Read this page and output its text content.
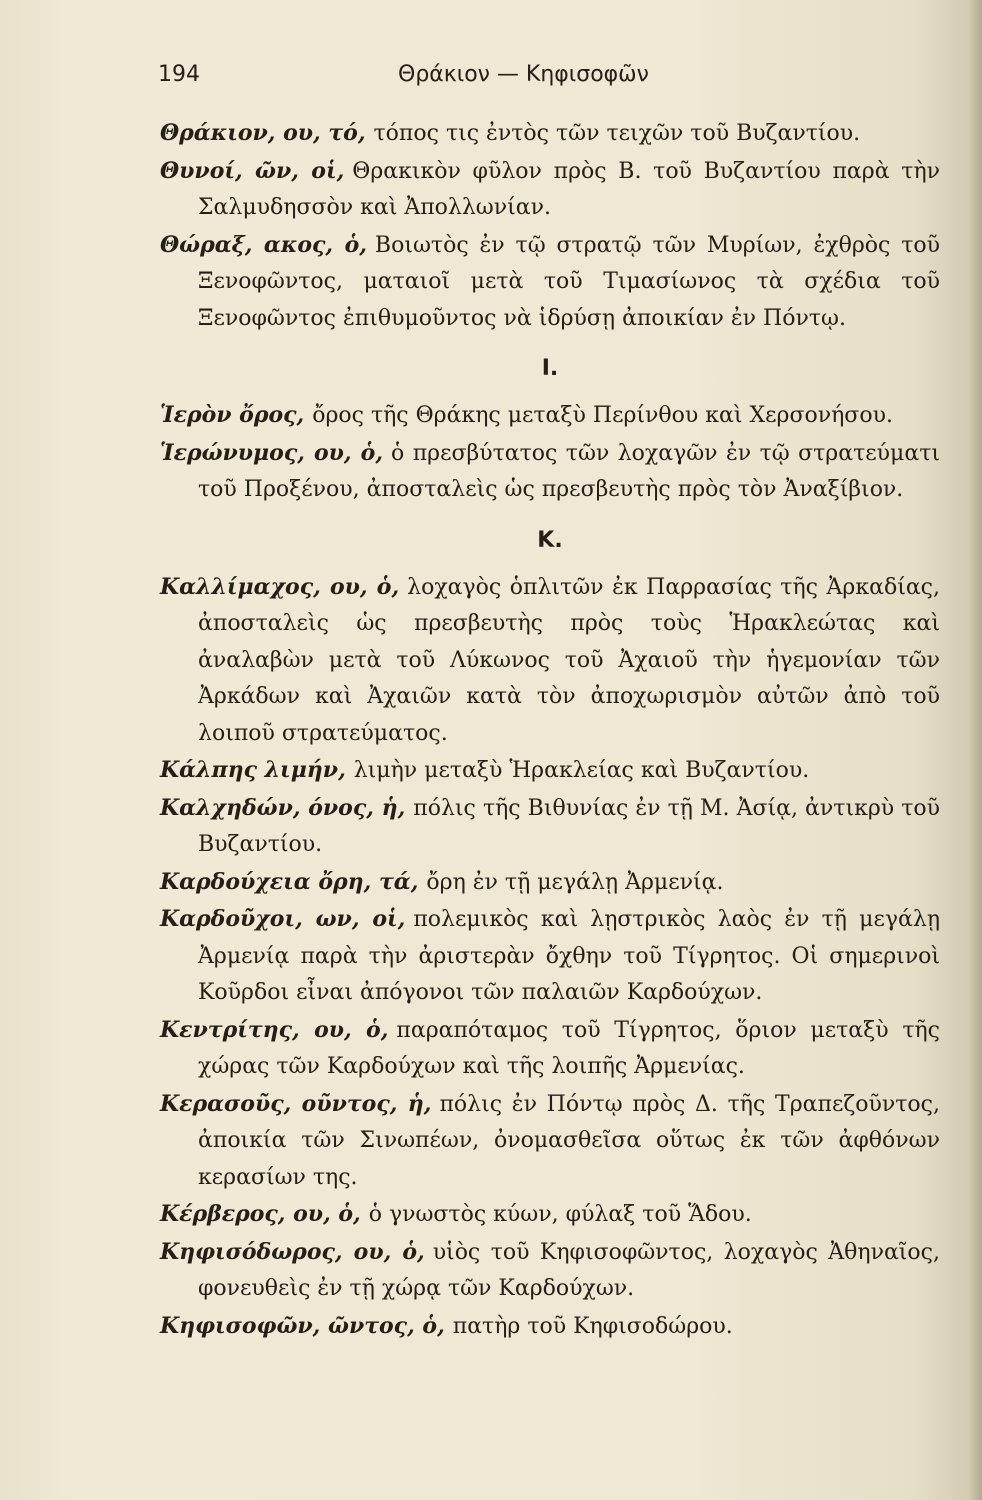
194	Θράκιον — Κηφισοφῶν
Θράκιον, ου, τό, τόπος τις ἐντὸς τῶν τειχῶν τοῦ Βυζαντίου.
Θυνοί, ῶν, οἱ, Θρακικὸν φῦλον πρὸς Β. τοῦ Βυζαντίου παρὰ τὴν Σαλμυδησσὸν καὶ Ἀπολλωνίαν.
Θώραξ, ακος, ὁ, Βοιωτὸς ἐν τῷ στρατῷ τῶν Μυρίων, ἐχθρὸς τοῦ Ξενοφῶντος, ματαιοῖ μετὰ τοῦ Τιμασίωνος τὰ σχέδια τοῦ Ξενοφῶντος ἐπιθυμοῦντος νὰ ἱδρύσῃ ἀποικίαν ἐν Πόντῳ.
Ι.
Ἱερὸν ὄρος, ὄρος τῆς Θράκης μεταξὺ Περίνθου καὶ Χερσονήσου.
Ἱερώνυμος, ου, ὁ, ὁ πρεσβύτατος τῶν λοχαγῶν ἐν τῷ στρατεύματι τοῦ Προξένου, ἀποσταλεὶς ὡς πρεσβευτὴς πρὸς τὸν Ἀναξίβιον.
Κ.
Καλλίμαχος, ου, ὁ, λοχαγὸς ὁπλιτῶν ἐκ Παρρασίας τῆς Ἀρκαδίας, ἀποσταλεὶς ὡς πρεσβευτὴς πρὸς τοὺς Ἡρακλεώτας καὶ ἀναλαβὼν μετὰ τοῦ Λύκωνος τοῦ Ἀχαιοῦ τὴν ἡγεμονίαν τῶν Ἀρκάδων καὶ Ἀχαιῶν κατὰ τὸν ἀποχωρισμὸν αὐτῶν ἀπὸ τοῦ λοιποῦ στρατεύματος.
Κάλπης λιμήν, λιμὴν μεταξὺ Ἡρακλείας καὶ Βυζαντίου.
Καλχηδών, όνος, ἡ, πόλις τῆς Βιθυνίας ἐν τῇ Μ. Ἀσίᾳ, ἀντικρὺ τοῦ Βυζαντίου.
Καρδούχεια ὄρη, τά, ὄρη ἐν τῇ μεγάλῃ Ἀρμενίᾳ.
Καρδοῦχοι, ων, οἱ, πολεμικὸς καὶ λῃστρικὸς λαὸς ἐν τῇ μεγάλῃ Ἀρμενίᾳ παρὰ τὴν ἀριστερὰν ὄχθην τοῦ Τίγρητος. Οἱ σημερινοὶ Κοῦρδοι εἶναι ἀπόγονοι τῶν παλαιῶν Καρδούχων.
Κεντρίτης, ου, ὁ, παραπόταμος τοῦ Τίγρητος, ὅριον μεταξὺ τῆς χώρας τῶν Καρδούχων καὶ τῆς λοιπῆς Ἀρμενίας.
Κερασοῦς, οῦντος, ἡ, πόλις ἐν Πόντῳ πρὸς Δ. τῆς Τραπεζοῦντος, ἀποικία τῶν Σινωπέων, ὀνομασθεῖσα οὕτως ἐκ τῶν ἀφθόνων κερασίων της.
Κέρβερος, ου, ὁ, ὁ γνωστὸς κύων, φύλαξ τοῦ Ἅδου.
Κηφισόδωρος, ου, ὁ, υἱὸς τοῦ Κηφισοφῶντος, λοχαγὸς Ἀθηναῖος, φονευθεὶς ἐν τῇ χώρᾳ τῶν Καρδούχων.
Κηφισοφῶν, ῶντος, ὁ, πατὴρ τοῦ Κηφισοδώρου.
